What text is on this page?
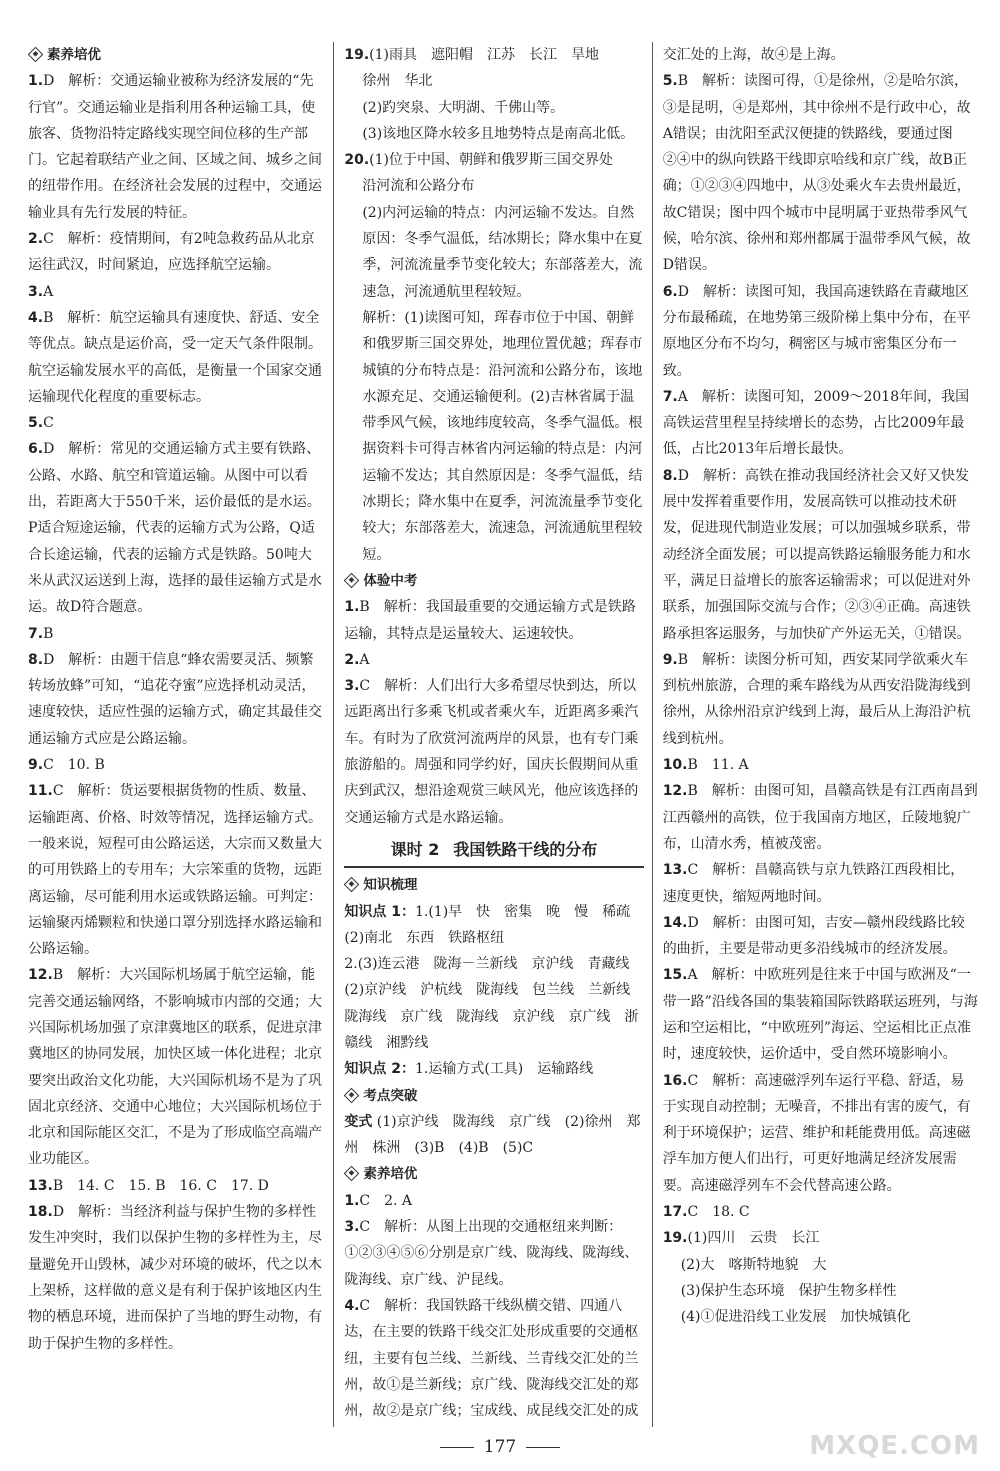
素养培优
1.D　解析：交通运输业被称为经济发展的“先行官”。交通运输业是指利用各种运输工具，使旅客、货物沿特定路线实现空间位移的生产部门。它起着联结产业之间、区域之间、城乡之间的纽带作用。在经济社会发展的过程中，交通运输业具有先行发展的特征。
2.C　解析：疫情期间，有2吨急救药品从北京运往武汉，时间紧迫，应选择航空运输。
3.A
4.B　解析：航空运输具有速度快、舒适、安全等优点。缺点是运价高，受一定天气条件限制。航空运输发展水平的高低，是衡量一个国家交通运输现代化程度的重要标志。
5.C
6.D　解析：常见的交通运输方式主要有铁路、公路、水路、航空和管道运输。从图中可以看出，若距离大于550千米，运价最低的是水运。P适合短途运输，代表的运输方式为公路，Q适合长途运输，代表的运输方式是铁路。50吨大米从武汉运送到上海，选择的最佳运输方式是水运。故D符合题意。
7.B
8.D　解析：由题干信息“蜂农需要灵活、频繁转场放蜂”可知，“追花夺蜜”应选择机动灵活，速度较快，适应性强的运输方式，确定其最佳交通运输方式应是公路运输。
9.C　10. B
11.C　解析：货运要根据货物的性质、数量、运输距离、价格、时效等情况，选择运输方式。一般来说，短程可由公路运送，大宗而又数量大的可用铁路上的专用车；大宗笨重的货物，远距离运输，尽可能利用水运或铁路运输。可判定：运输聚丙烯颗粒和快递口罩分别选择水路运输和公路运输。
12.B　解析：大兴国际机场属于航空运输，能完善交通运输网络，不影响城市内部的交通；大兴国际机场加强了京津冀地区的联系，促进京津冀地区的协同发展，加快区域一体化进程；北京要突出政治文化功能，大兴国际机场不是为了巩固北京经济、交通中心地位；大兴国际机场位于北京和国际能区交汇，不是为了形成临空高端产业功能区。
13.B　14. C　15. B　16. C　17. D
18.D　解析：当经济利益与保护生物的多样性发生冲突时，我们以保护生物的多样性为主，尽量避免开山毁林，减少对环境的破坏，代之以木上架桥，这样做的意义是有利于保护该地区内生物的栖息环境，进而保护了当地的野生动物，有助于保护生物的多样性。
19.(1)雨具　遮阳帽　江苏　长江　旱地
徐州　华北
(2)趵突泉、大明湖、千佛山等。
(3)该地区降水较多且地势特点是南高北低。
20.(1)位于中国、朝鲜和俄罗斯三国交界处
沿河流和公路分布
(2)内河运输的特点：内河运输不发达。自然原因：冬季气温低，结冰期长；降水集中在夏季，河流流量季节变化较大；东部落差大，流速急，河流通航里程较短。
解析：(1)读图可知，珲春市位于中国、朝鲜和俄罗斯三国交界处，地理位置优越；珲春市城镇的分布特点是：沿河流和公路分布，该地水源充足、交通运输便利。(2)吉林省属于温带季风气候，该地纬度较高，冬季气温低。根据资料卡可得吉林省内河运输的特点是：内河运输不发达；其自然原因是：冬季气温低，结冰期长；降水集中在夏季，河流流量季节变化较大；东部落差大，流速急，河流通航里程较短。
体验中考
1.B　解析：我国最重要的交通运输方式是铁路运输，其特点是运量较大、运速较快。
2.A
3.C　解析：人们出行大多希望尽快到达，所以远距离出行多乘飞机或者乘火车，近距离多乘汽车。有时为了欣赏河流两岸的风景，也有专门乘旅游船的。周强和同学约好，国庆长假期间从重庆到武汉，想沿途观赏三峡风光，他应该选择的交通运输方式是水路运输。
课时 2 我国铁路干线的分布
知识梳理
知识点 1：1.(1)早　快　密集　晚　慢　稀疏　(2)南北　东西　铁路枢纽
2.(3)连云港　陇海－兰新线　京沪线　青藏线　(2)京沪线　沪杭线　陇海线　包兰线　兰新线　陇海线　京广线　陇海线　京沪线　京广线　浙赣线　湘黔线
知识点 2：1.运输方式(工具)　运输路线
考点突破
变式 (1)京沪线　陇海线　京广线　(2)徐州　郑州　株洲　(3)B　(4)B　(5)C
素养培优
1.C　2. A
3.C　解析：从图上出现的交通枢纽来判断：①②③④⑤⑥分别是京广线、陇海线、陇海线、陇海线、京广线、沪昆线。
4.C　解析：我国铁路干线纵横交错、四通八达，在主要的铁路干线交汇处形成重要的交通枢纽，主要有包兰线、兰新线、兰青线交汇处的兰州，故①是兰新线；京广线、陇海线交汇处的郑州，故②是京广线；宝成线、成昆线交汇处的成
交汇处的上海，故④是上海。
5.B　解析：读图可得，①是徐州，②是哈尔滨，③是昆明，④是郑州，其中徐州不是行政中心，故A错误；由沈阳至武汉便捷的铁路线，要通过图②④中的纵向铁路干线即京哈线和京广线，故B正确；①②③④四地中，从③处乘火车去贵州最近，故C错误；图中四个城市中昆明属于亚热带季风气候，哈尔滨、徐州和郑州都属于温带季风气候，故D错误。
6.D　解析：读图可知，我国高速铁路在青藏地区分布最稀疏，在地势第三级阶梯上集中分布，在平原地区分布不均匀，稠密区与城市密集区分布一致。
7.A　解析：读图可知，2009～2018年间，我国高铁运营里程呈持续增长的态势，占比2009年最低，占比2013年后增长最快。
8.D　解析：高铁在推动我国经济社会又好又快发展中发挥着重要作用，发展高铁可以推动技术研发，促进现代制造业发展；可以加强城乡联系，带动经济全面发展；可以提高铁路运输服务能力和水平，满足日益增长的旅客运输需求；可以促进对外联系，加强国际交流与合作；②③④正确。高速铁路承担客运服务，与加快矿产外运无关，①错误。
9.B　解析：读图分析可知，西安某同学欲乘火车到杭州旅游，合理的乘车路线为从西安沿陇海线到徐州，从徐州沿京沪线到上海，最后从上海沿沪杭线到杭州。
10.B　11. A
12.B　解析：由图可知，昌赣高铁是有江西南昌到江西赣州的高铁，位于我国南方地区，丘陵地貌广布，山清水秀，植被茂密。
13.C　解析：昌赣高铁与京九铁路江西段相比，速度更快，缩短两地时间。
14.D　解析：由图可知，吉安—赣州段线路比较的曲折，主要是带动更多沿线城市的经济发展。
15.A　解析：中欧班列是往来于中国与欧洲及“一带一路”沿线各国的集装箱国际铁路联运班列，与海运和空运相比，“中欧班列”海运、空运相比正点准时，速度较快，运价适中，受自然环境影响小。
16.C　解析：高速磁浮列车运行平稳、舒适，易于实现自动控制；无噪音，不排出有害的废气，有利于环境保护；运营、维护和耗能费用低。高速磁浮车加方便人们出行，可更好地满足经济发展需要。高速磁浮列车不会代替高速公路。
17.C　18. C
19.(1)四川　云贵　长江
(2)大　喀斯特地貌　大
(3)保护生态环境　保护生物多样性
(4)①促进沿线工业发展　加快城镇化
177	MXQE.COM
